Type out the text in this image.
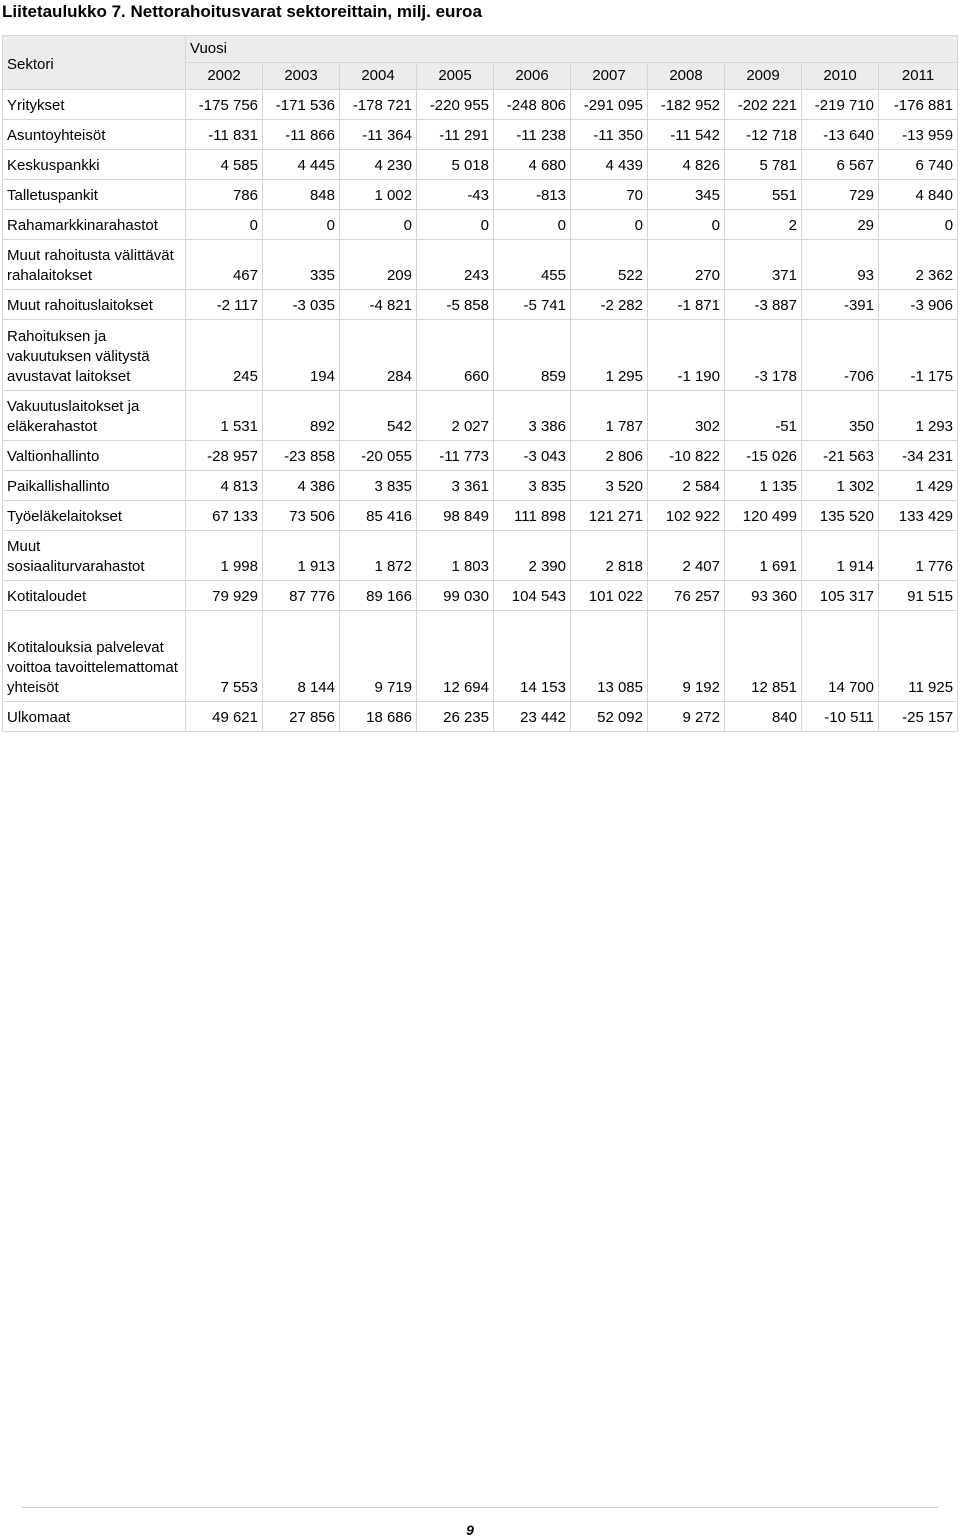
Liitetaulukko 7. Nettorahoitusvarat sektoreittain, milj. euroa
Sektori	Vuosi									
	2002	2003	2004	2005	2006	2007	2008	2009	2010	2011
Yritykset	-175 756	-171 536	-178 721	-220 955	-248 806	-291 095	-182 952	-202 221	-219 710	-176 881
Asuntoyhteisöt	-11 831	-11 866	-11 364	-11 291	-11 238	-11 350	-11 542	-12 718	-13 640	-13 959
Keskuspankki	4 585	4 445	4 230	5 018	4 680	4 439	4 826	5 781	6 567	6 740
Talletuspankit	786	848	1 002	-43	-813	70	345	551	729	4 840
Rahamarkkinarahastot	0	0	0	0	0	0	0	2	29	0
Muut rahoitusta välittävät rahalaitokset	467	335	209	243	455	522	270	371	93	2 362
Muut rahoituslaitokset	-2 117	-3 035	-4 821	-5 858	-5 741	-2 282	-1 871	-3 887	-391	-3 906
Rahoituksen ja vakuutuksen välitystä avustavat laitokset	245	194	284	660	859	1 295	-1 190	-3 178	-706	-1 175
Vakuutuslaitokset ja eläkerahastot	1 531	892	542	2 027	3 386	1 787	302	-51	350	1 293
Valtionhallinto	-28 957	-23 858	-20 055	-11 773	-3 043	2 806	-10 822	-15 026	-21 563	-34 231
Paikallishallinto	4 813	4 386	3 835	3 361	3 835	3 520	2 584	1 135	1 302	1 429
Työeläkelaitokset	67 133	73 506	85 416	98 849	111 898	121 271	102 922	120 499	135 520	133 429
Muut sosiaaliturvarahastot	1 998	1 913	1 872	1 803	2 390	2 818	2 407	1 691	1 914	1 776
Kotitaloudet	79 929	87 776	89 166	99 030	104 543	101 022	76 257	93 360	105 317	91 515
Kotitalouksia palvelevat voittoa tavoittelemattomat yhteisöt	7 553	8 144	9 719	12 694	14 153	13 085	9 192	12 851	14 700	11 925
Ulkomaat	49 621	27 856	18 686	26 235	23 442	52 092	9 272	840	-10 511	-25 157
9
